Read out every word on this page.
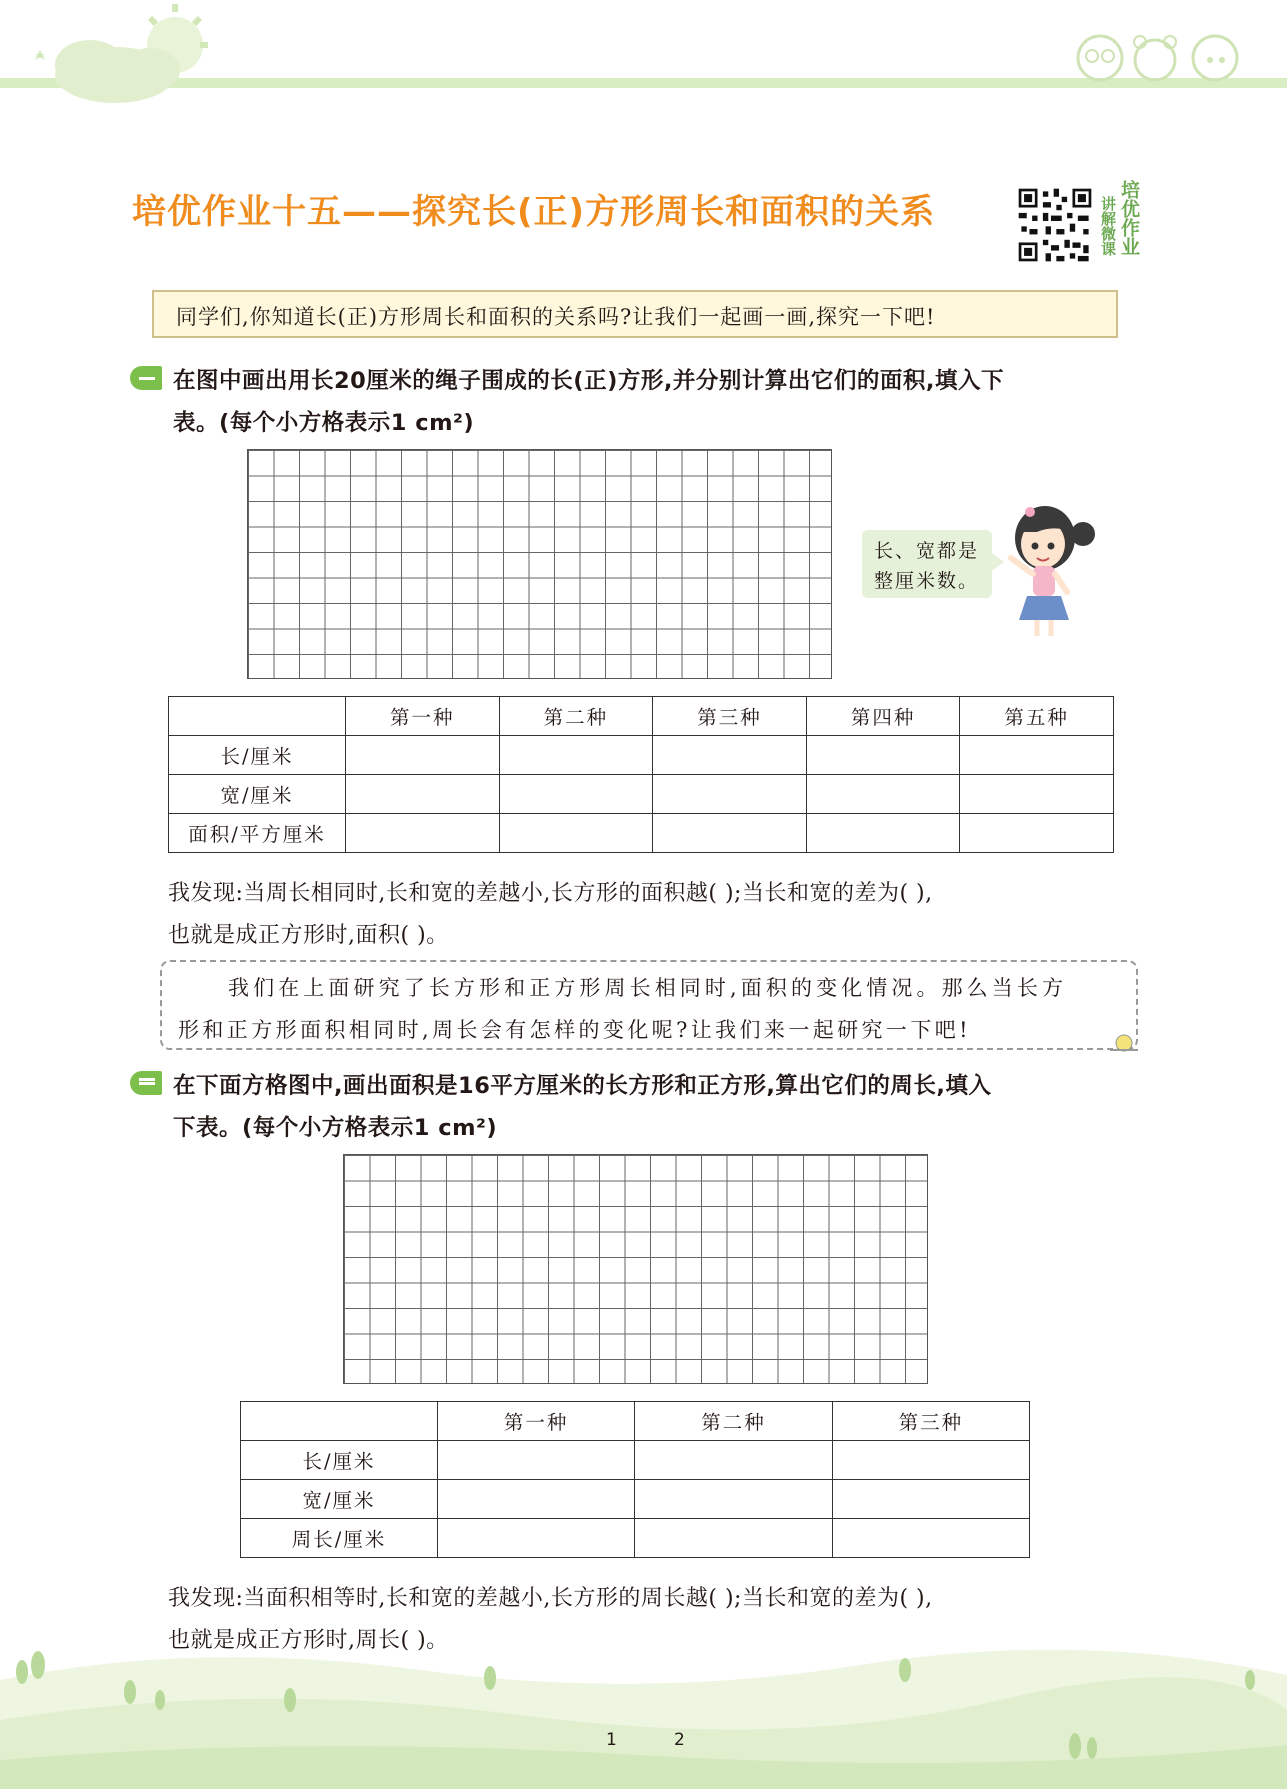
培优作业十五——探究长(正)方形周长和面积的关系	讲解微课 培优作业
同学们,你知道长(正)方形周长和面积的关系吗?让我们一起画一画,探究一下吧!
在图中画出用长20厘米的绳子围成的长(正)方形,并分别计算出它们的面积,填入下
表。(每个小方格表示1 cm²)
长、宽都是
整厘米数。
	第一种	第二种	第三种	第四种	第五种
长/厘米					
宽/厘米					
面积/平方厘米					
我发现:当周长相同时,长和宽的差越小,长方形的面积越( );当长和宽的差为( ),
也就是成正方形时,面积( )。
我们在上面研究了长方形和正方形周长相同时,面积的变化情况。那么当长方
形和正方形面积相同时,周长会有怎样的变化呢?让我们来一起研究一下吧!
在下面方格图中,画出面积是16平方厘米的长方形和正方形,算出它们的周长,填入
下表。(每个小方格表示1 cm²)
	第一种	第二种	第三种
长/厘米			
宽/厘米			
周长/厘米			
我发现:当面积相等时,长和宽的差越小,长方形的周长越( );当长和宽的差为( ),
也就是成正方形时,周长( )。
1	2
